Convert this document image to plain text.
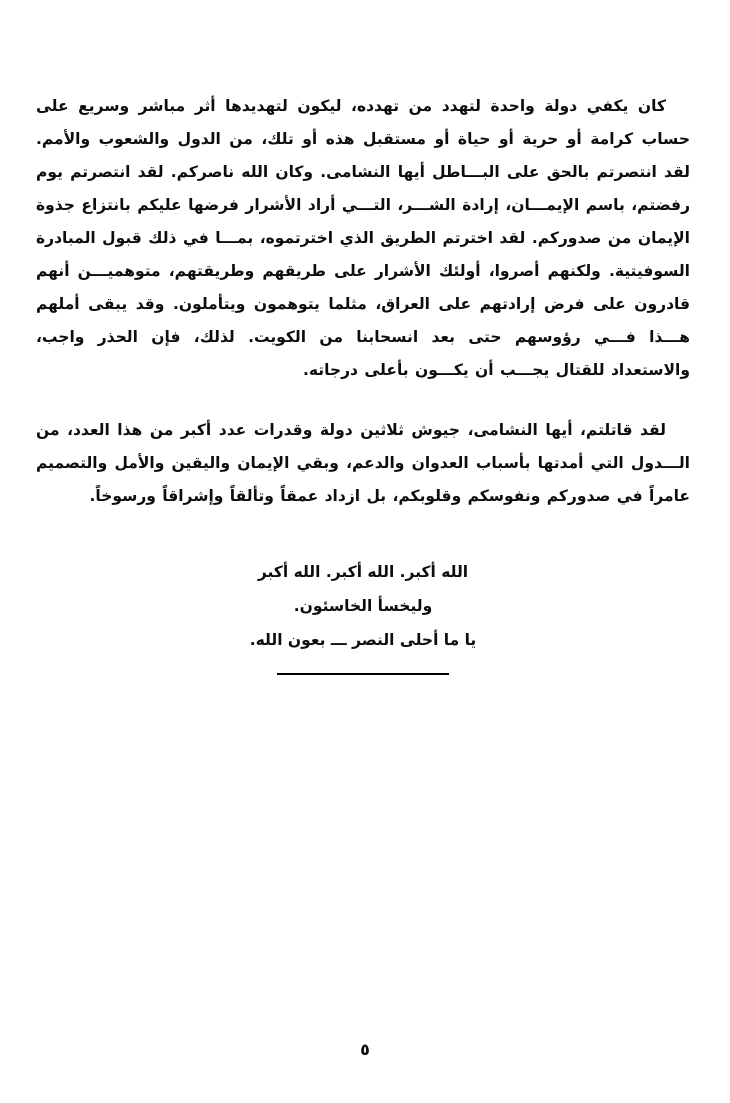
كان يكفي دولة واحدة لتهدد من تهدده، ليكون لتهديدها أثر مباشر وسريع على حساب كرامة أو حرية أو حياة أو مستقبل هذه أو تلك، من الدول والشعوب والأمم. لقد انتصرتم بالحق على البـــاطل أيها النشامى. وكان الله ناصركم. لقد انتصرتم يوم رفضتم، باسم الإيمـــان، إرادة الشـــر، التـــي أراد الأشرار فرضها عليكم بانتزاع جذوة الإيمان من صدوركم. لقد اخترتم الطريق الذي اخترتموه، بمـــا في ذلك قبول المبادرة السوفيتية. ولكنهم أصروا، أولئك الأشرار على طريقهم وطريقتهم، متوهميـــن أنهم قادرون على فرض إرادتهم على العراق، مثلما يتوهمون ويتأملون. وقد يبقى أملهم هـــذا فـــي رؤوسهم حتى بعد انسحابنا من الكويت. لذلك، فإن الحذر واجب، والاستعداد للقتال يجـــب أن يكـــون بأعلى درجاته.

لقد قاتلتم، أيها النشامى، جيوش ثلاثين دولة وقدرات عدد أكبر من هذا العدد، من الـــدول التي أمدتها بأسباب العدوان والدعم، وبقي الإيمان واليقين والأمل والتصميم عامراً في صدوركم ونفوسكم وقلوبكم، بل ازداد عمقاً وتألقاً وإشراقاً ورسوخاً.

الله أكبر. الله أكبر. الله أكبر
وليخسأ الخاسئون.
يا ما أحلى النصر ـــ بعون الله.
٥
